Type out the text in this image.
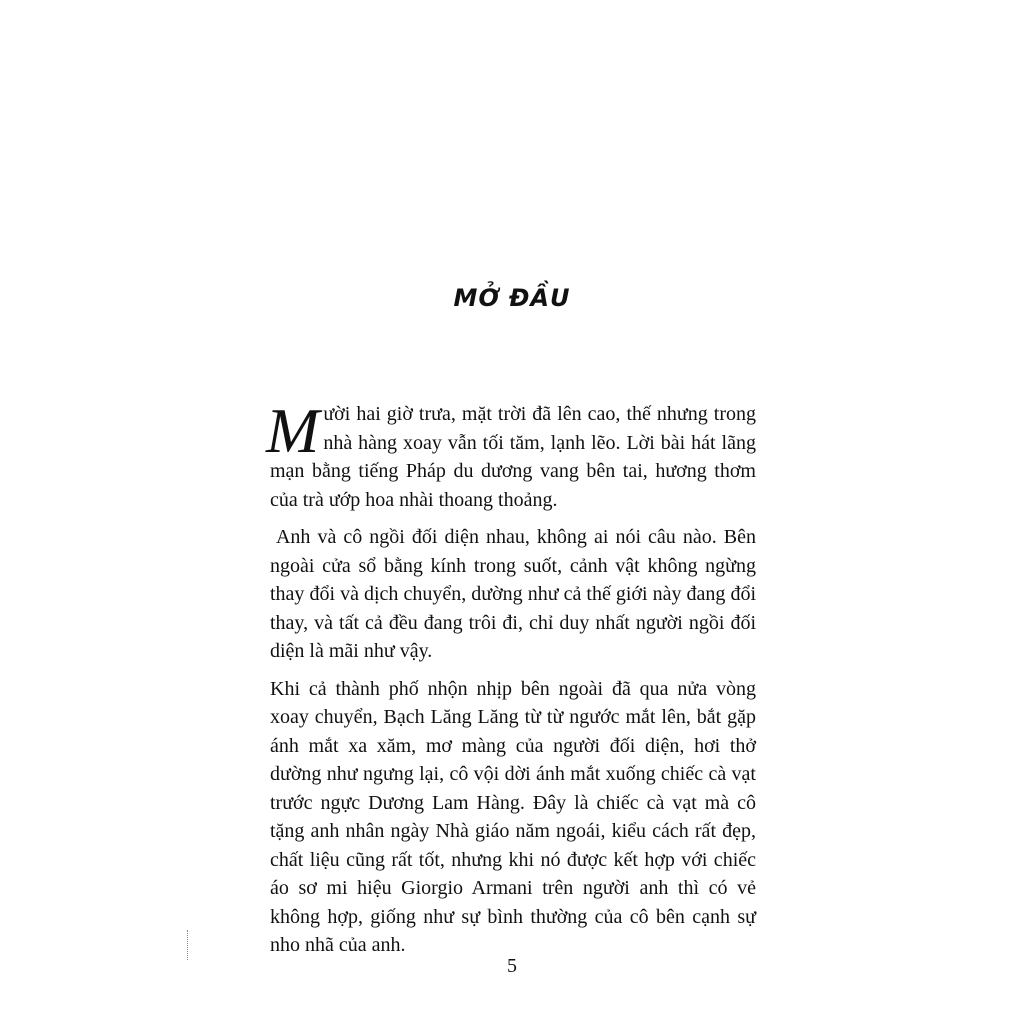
MỞ ĐẦU

Mười hai giờ trưa, mặt trời đã lên cao, thế nhưng trong nhà hàng xoay vẫn tối tăm, lạnh lẽo. Lời bài hát lãng mạn bằng tiếng Pháp du dương vang bên tai, hương thơm của trà ướp hoa nhài thoang thoảng.

Anh và cô ngồi đối diện nhau, không ai nói câu nào. Bên ngoài cửa sổ bằng kính trong suốt, cảnh vật không ngừng thay đổi và dịch chuyển, dường như cả thế giới này đang đổi thay, và tất cả đều đang trôi đi, chỉ duy nhất người ngồi đối diện là mãi như vậy.

Khi cả thành phố nhộn nhịp bên ngoài đã qua nửa vòng xoay chuyển, Bạch Lăng Lăng từ từ ngước mắt lên, bắt gặp ánh mắt xa xăm, mơ màng của người đối diện, hơi thở dường như ngưng lại, cô vội dời ánh mắt xuống chiếc cà vạt trước ngực Dương Lam Hàng. Đây là chiếc cà vạt mà cô tặng anh nhân ngày Nhà giáo năm ngoái, kiểu cách rất đẹp, chất liệu cũng rất tốt, nhưng khi nó được kết hợp với chiếc áo sơ mi hiệu Giorgio Armani trên người anh thì có vẻ không hợp, giống như sự bình thường của cô bên cạnh sự nho nhã của anh.

5
